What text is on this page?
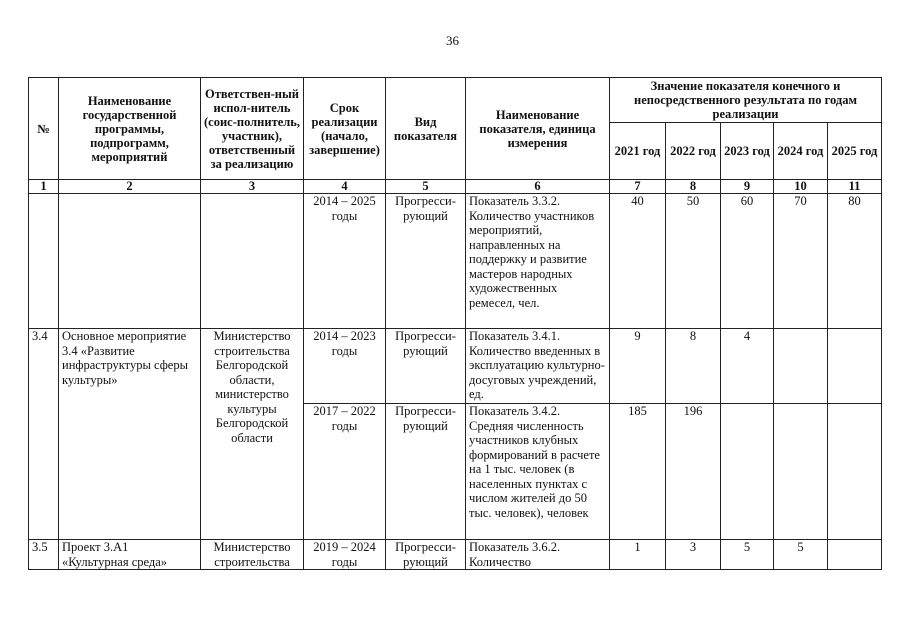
36
№	Наименование государственной программы, подпрограмм, мероприятий	Ответствен-ный испол-нитель (соис-полнитель, участник), ответственный за реализацию	Срок реализации (начало, завершение)	Вид показателя	Наименование показателя, единица измерения	Значение показателя конечного и непосредственного результата по годам реализации				
						2021 год	2022 год	2023 год	2024 год	2025 год
1	2	3	4	5	6	7	8	9	10	11
			2014 – 2025 годы	Прогресси-рующий	Показатель 3.3.2. Количество участников мероприятий, направленных на поддержку и развитие мастеров народных художественных ремесел, чел.	40	50	60	70	80
3.4	Основное мероприятие 3.4 «Развитие инфраструктуры сферы культуры»	Министерство строительства Белгородской области, министерство культуры Белгородской области	2014 – 2023 годы	Прогресси-рующий	Показатель 3.4.1. Количество введенных в эксплуатацию культурно-досуговых учреждений, ед.	9	8	4		
			2017 – 2022 годы	Прогресси-рующий	Показатель 3.4.2. Средняя численность участников клубных формирований в расчете на 1 тыс. человек (в населенных пунктах с числом жителей до 50 тыс. человек), человек	185	196			
3.5	Проект 3.А1 «Культурная среда»	Министерство строительства	2019 – 2024 годы	Прогресси-рующий	Показатель 3.6.2. Количество	1	3	5	5	
